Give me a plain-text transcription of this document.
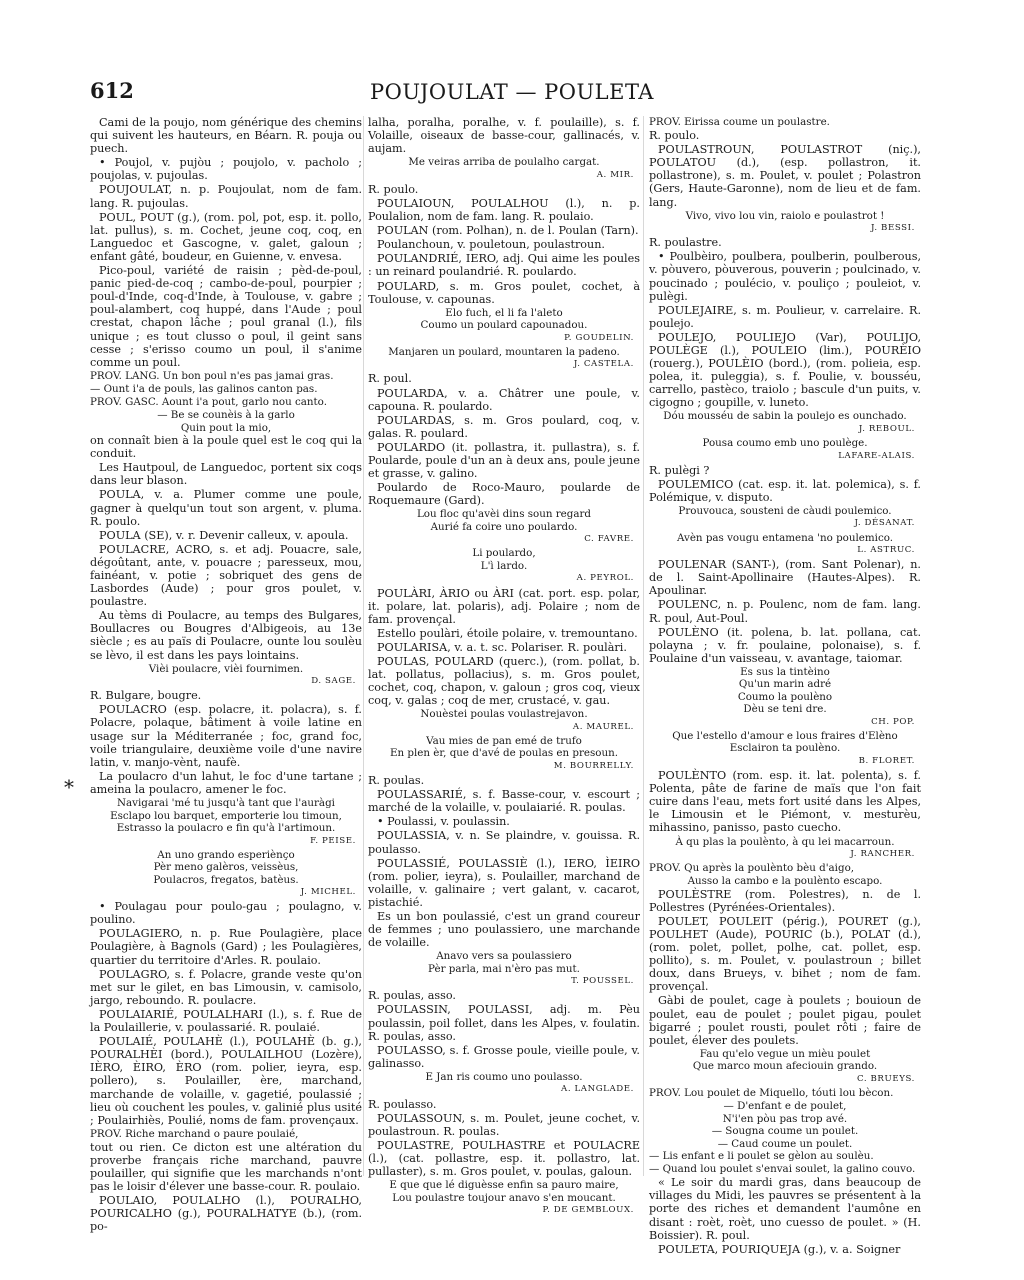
612	POUJOULAT — POULETA
*

Cami de la poujo, nom générique des chemins qui suivent les hauteurs, en Béarn. R. pouja ou puech.

• Poujol, v. pujòu ; poujolo, v. pacholo ; poujolas, v. pujoulas.

POUJOULAT, n. p. Poujoulat, nom de fam. lang. R. pujoulas.

POUL, POUT (g.), (rom. pol, pot, esp. it. pollo, lat. pullus), s. m. Cochet, jeune coq, coq, en Languedoc et Gascogne, v. galet, galoun ; enfant gâté, boudeur, en Guienne, v. envesa.

Pico-poul, variété de raisin ; pèd-de-poul, panic pied-de-coq ; cambo-de-poul, pourpier ; poul-d'Inde, coq-d'Inde, à Toulouse, v. gabre ; poul-alambert, coq huppé, dans l'Aude ; poul crestat, chapon lâche ; poul granal (l.), fils unique ; es tout clusso o poul, il geint sans cesse ; s'erisso coumo un poul, il s'anime comme un poul.

PROV. LANG. Un bon poul n'es pas jamai gras.

— Ount i'a de pouls, las galinos canton pas.

PROV. GASC. Aount i'a pout, garlo nou canto.

— Be se counèis à la garlo

Quin pout la mio,

on connaît bien à la poule quel est le coq qui la conduit.

Les Hautpoul, de Languedoc, portent six coqs dans leur blason.

POULA, v. a. Plumer comme une poule, gagner à quelqu'un tout son argent, v. pluma. R. poulo.

POULA (SE), v. r. Devenir calleux, v. apoula.

POULACRE, ACRO, s. et adj. Pouacre, sale, dégoûtant, ante, v. pouacre ; paresseux, mou, fainéant, v. potie ; sobriquet des gens de Lasbordes (Aude) ; pour gros poulet, v. poulastre.

Au tèms di Poulacre, au temps des Bulgares, Boullacres ou Bougres d'Albigeois, au 13e siècle ; es au païs di Poulacre, ounte lou soulèu se lèvo, il est dans les pays lointains.

Vièi poulacre, vièi fournimen.

D. SAGE.

R. Bulgare, bougre.

POULACRO (esp. polacre, it. polacra), s. f. Polacre, polaque, bâtiment à voile latine en usage sur la Méditerranée ; foc, grand foc, voile triangulaire, deuxième voile d'une navire latin, v. manjo-vènt, naufè.

La poulacro d'un lahut, le foc d'une tartane ; ameina la poulacro, amener le foc.

Navigarai 'mé tu jusqu'à tant que l'auràgi

Esclapo lou barquet, emporterie lou timoun,

Estrasso la poulacro e fin qu'à l'artimoun.

F. PEISE.

An uno grando esperiènço

Pèr meno galèros, veissèus,

Poulacros, fregatos, batèus.

J. MICHEL.

• Poulagau pour poulo-gau ; poulagno, v. poulino.

POULAGIERO, n. p. Rue Poulagière, place Poulagière, à Bagnols (Gard) ; les Poulagières, quartier du territoire d'Arles. R. poulaio.

POULAGRO, s. f. Polacre, grande veste qu'on met sur le gilet, en bas Limousin, v. camisolo, jargo, reboundo. R. poulacre.

POULAIARIÉ, POULALHARI (l.), s. f. Rue de la Poulaillerie, v. poulassarié. R. poulaié.

POULAIÉ, POULAHÈ (l.), POULAHÈ (b. g.), POURALHÈI (bord.), POULAILHOU (Lozère), IÈRO, ÈIRO, ÈRO (rom. polier, ieyra, esp. pollero), s. Poulailler, ère, marchand, marchande de volaille, v. gagetié, poulassié ; lieu où couchent les poules, v. galinié plus usité ; Poulairhiès, Poulié, noms de fam. provençaux.

PROV. Riche marchand o paure poulaié,

tout ou rien. Ce dicton est une altération du proverbe français riche marchand, pauvre poulailler, qui signifie que les marchands n'ont pas le loisir d'élever une basse-cour. R. poulaio.

POULAIO, POULALHO (l.), POURALHO, POURICALHO (g.), POURALHATYE (b.), (rom. po-

lalha, poralha, poralhe, v. f. poulaille), s. f. Volaille, oiseaux de basse-cour, gallinacés, v. aujam.

Me veiras arriba de poulalho cargat.

A. MIR.

R. poulo.

POULAIOUN, POULALHOU (l.), n. p. Poulalion, nom de fam. lang. R. poulaio.

POULAN (rom. Polhan), n. de l. Poulan (Tarn).

Poulanchoun, v. pouletoun, poulastroun.

POULANDRIÉ, IERO, adj. Qui aime les poules : un reinard poulandrié. R. poulardo.

POULARD, s. m. Gros poulet, cochet, à Toulouse, v. capounas.

Elo fuch, el li fa l'aleto

Coumo un poulard capounadou.

P. GOUDELIN.

Manjaren un poulard, mountaren la padeno.

J. CASTELA.

R. poul.

POULARDA, v. a. Châtrer une poule, v. capouna. R. poulardo.

POULARDAS, s. m. Gros poulard, coq, v. galas. R. poulard.

POULARDO (it. pollastra, it. pullastra), s. f. Poularde, poule d'un an à deux ans, poule jeune et grasse, v. galino.

Poulardo de Roco-Mauro, poularde de Roquemaure (Gard).

Lou floc qu'avèi dins soun regard

Aurié fa coire uno poulardo.

C. FAVRE.

Li poulardo,

L'ì lardo.

A. PEYROL.

POULÀRI, ÀRIO ou ÀRI (cat. port. esp. polar, it. polare, lat. polaris), adj. Polaire ; nom de fam. provençal.

Estello poulàri, étoile polaire, v. tremountano.

POULARISA, v. a. t. sc. Polariser. R. poulàri.

POULAS, POULARD (querc.), (rom. pollat, b. lat. pollatus, pollacius), s. m. Gros poulet, cochet, coq, chapon, v. galoun ; gros coq, vieux coq, v. galas ; coq de mer, crustacé, v. gau.

Nouèstei poulas voulastrejavon.

A. MAUREL.

Vau mies de pan emé de trufo

En plen èr, que d'avé de poulas en presoun.

M. BOURRELLY.

R. poulas.

POULASSARIÉ, s. f. Basse-cour, v. escourt ; marché de la volaille, v. poulaiarié. R. poulas.

• Poulassi, v. poulassin.

POULASSIA, v. n. Se plaindre, v. gouissa. R. poulasso.

POULASSIÉ, POULASSIÈ (l.), IERO, ÌEIRO (rom. polier, ieyra), s. Poulailler, marchand de volaille, v. galinaire ; vert galant, v. cacarot, pistachié.

Es un bon poulassié, c'est un grand coureur de femmes ; uno poulassiero, une marchande de volaille.

Anavo vers sa poulassiero

Pèr parla, mai n'èro pas mut.

T. POUSSEL.

R. poulas, asso.

POULASSIN, POULASSI, adj. m. Pèu poulassin, poil follet, dans les Alpes, v. foulatin. R. poulas, asso.

POULASSO, s. f. Grosse poule, vieille poule, v. galinasso.

E Jan ris coumo uno poulasso.

A. LANGLADE.

R. poulasso.

POULASSOUN, s. m. Poulet, jeune cochet, v. poulastroun. R. poulas.

POULASTRE, POULHASTRE et POULACRE (l.), (cat. pollastre, esp. it. pollastro, lat. pullaster), s. m. Gros poulet, v. poulas, galoun.

E que que lé diguèsse enfin sa pauro maire,

Lou poulastre toujour anavo s'en moucant.

P. DE GEMBLOUX.

PROV. Eirissa coume un poulastre.

R. poulo.

POULASTROUN, POULASTROT (niç.), POULATOU (d.), (esp. pollastron, it. pollastrone), s. m. Poulet, v. poulet ; Polastron (Gers, Haute-Garonne), nom de lieu et de fam. lang.

Vivo, vivo lou vin, raiolo e poulastrot !

J. BESSI.

R. poulastre.

• Poulbèiro, poulbera, poulberin, poulberous, v. pòuvero, pòuverous, pouverin ; poulcinado, v. poucinado ; poulécio, v. pouliço ; pouleiot, v. pulègi.

POULEJAIRE, s. m. Poulieur, v. carrelaire. R. poulejo.

POULEJO, POULIEJO (Var), POULIJO, POULÈGE (l.), POULEIO (lim.), POURÈIO (rouerg.), POULÈIO (bord.), (rom. polieia, esp. polea, it. puleggia), s. f. Poulie, v. bousséu, carrello, pastèco, traiolo ; bascule d'un puits, v. cigogno ; goupille, v. luneto.

Dóu mousséu de sabin la poulejo es ounchado.

J. REBOUL.

Pousa coumo emb uno poulège.

LAFARE-ALAIS.

R. pulègi ?

POULEMICO (cat. esp. it. lat. polemica), s. f. Polémique, v. disputo.

Prouvouca, sousteni de càudi poulemico.

J. DÉSANAT.

Avèn pas vougu entamena 'no poulemico.

L. ASTRUC.

POULENAR (SANT-), (rom. Sant Polenar), n. de l. Saint-Apollinaire (Hautes-Alpes). R. Apoulinar.

POULENC, n. p. Poulenc, nom de fam. lang. R. poul, Aut-Poul.

POULÈNO (it. polena, b. lat. pollana, cat. polayna ; v. fr. poulaine, polonaise), s. f. Poulaine d'un vaisseau, v. avantage, taiomar.

Es sus la tintèino

Qu'un marin adré

Coumo la poulèno

Dèu se teni dre.

CH. POP.

Que l'estello d'amour e lous fraires d'Elèno

Esclairon ta poulèno.

B. FLORET.

POULÈNTO (rom. esp. it. lat. polenta), s. f. Polenta, pâte de farine de maïs que l'on fait cuire dans l'eau, mets fort usité dans les Alpes, le Limousin et le Piémont, v. mesturèu, mihassino, panisso, pasto cuecho.

À qu plas la poulènto, à qu lei macarroun.

J. RANCHER.

PROV. Qu après la poulènto bèu d'aigo,

Ausso la cambo e la poulènto escapo.

POULÈSTRE (rom. Polestres), n. de l. Pollestres (Pyrénées-Orientales).

POULET, POULEIT (périg.), POURET (g.), POULHET (Aude), POURIC (b.), POLAT (d.), (rom. polet, pollet, polhe, cat. pollet, esp. pollito), s. m. Poulet, v. poulastroun ; billet doux, dans Brueys, v. bihet ; nom de fam. provençal.

Gàbi de poulet, cage à poulets ; bouioun de poulet, eau de poulet ; poulet pigau, poulet bigarré ; poulet rousti, poulet rôti ; faire de poulet, élever des poulets.

Fau qu'elo vegue un mièu poulet

Que marco moun afeciouin grando.

C. BRUEYS.

PROV. Lou poulet de Miquello, tóuti lou bècon.

— D'enfant e de poulet,

N'i'en pòu pas trop avé.

— Sougna coume un poulet.

— Caud coume un poulet.

— Lis enfant e li poulet se gèlon au soulèu.

— Quand lou poulet s'envai soulet, la galino couvo.

« Le soir du mardi gras, dans beaucoup de villages du Midi, les pauvres se présentent à la porte des riches et demandent l'aumône en disant : roèt, roèt, uno cuesso de poulet. » (H. Boissier). R. poul.

POULETA, POURIQUEJA (g.), v. a. Soigner
